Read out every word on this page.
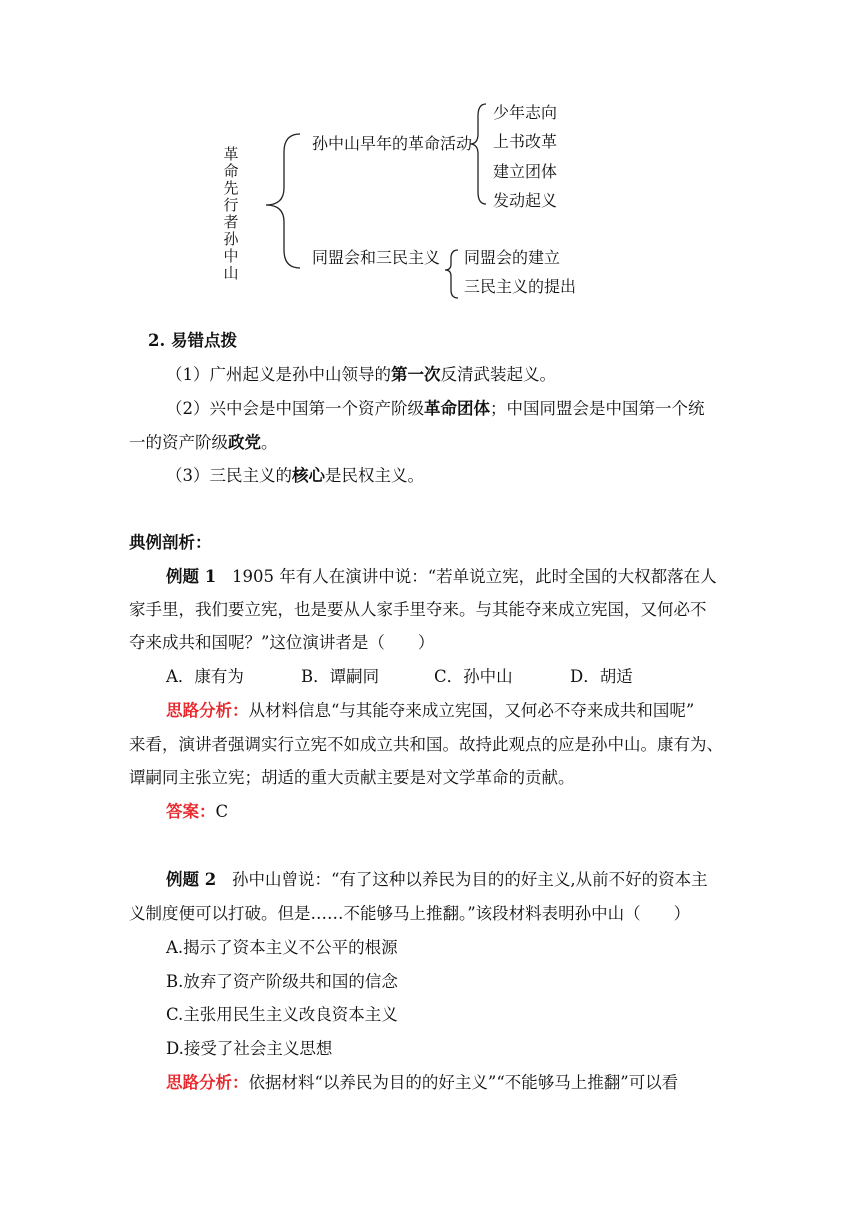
革
命
先
行
者
孙
中
山
孙中山早年的革命活动
少年志向
上书改革
建立团体
发动起义
同盟会和三民主义 同盟会的建立
三民主义的提出
2. 易错点拨
（1）广州起义是孙中山领导的第一次反清武装起义。
（2）兴中会是中国第一个资产阶级革命团体；中国同盟会是中国第一个统
一的资产阶级政党。
（3）三民主义的核心是民权主义。
典例剖析：
例题 1 1905 年有人在演讲中说：“若单说立宪，此时全国的大权都落在人
家手里，我们要立宪，也是要从人家手里夺来。与其能夺来成立宪国，又何必不
夺来成共和国呢？”这位演讲者是（　　）
A．康有为	B．谭嗣同	C．孙中山	D．胡适
思路分析：从材料信息“与其能夺来成立宪国，又何必不夺来成共和国呢”
来看，演讲者强调实行立宪不如成立共和国。故持此观点的应是孙中山。康有为、
谭嗣同主张立宪；胡适的重大贡献主要是对文学革命的贡献。
答案：C
例题 2 孙中山曾说：“有了这种以养民为目的的好主义,从前不好的资本主
义制度便可以打破。但是……不能够马上推翻。”该段材料表明孙中山（　　）
A.揭示了资本主义不公平的根源
B.放弃了资产阶级共和国的信念
C.主张用民生主义改良资本主义
D.接受了社会主义思想
思路分析：依据材料“以养民为目的的好主义”“不能够马上推翻”可以看
